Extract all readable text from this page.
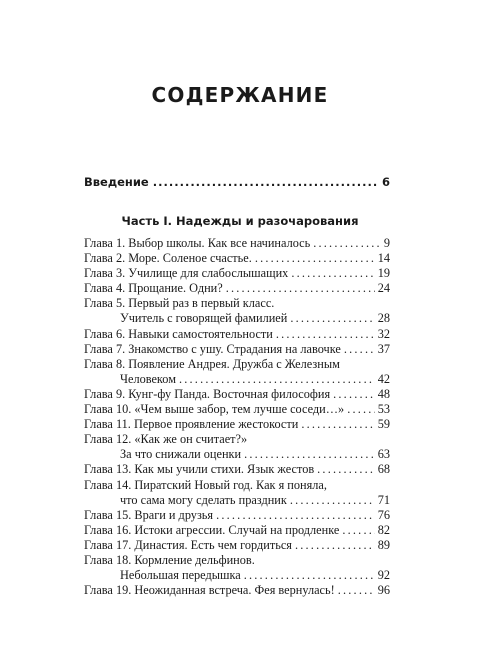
СОДЕРЖАНИЕ
Введение .....	6
Часть I. Надежды и разочарования
Глава 1. Выбор школы. Как все начиналось .....	9
Глава 2. Море. Соленое счастье. .....	14
Глава 3. Училище для слабослышащих .....	19
Глава 4. Прощание. Одни? .....	24
Глава 5. Первый раз в первый класс.
Учитель с говорящей фамилией .....	28
Глава 6. Навыки самостоятельности .....	32
Глава 7. Знакомство с ушу. Страдания на лавочке .....	37
Глава 8. Появление Андрея. Дружба с Железным
Человеком .....	42
Глава 9. Кунг-фу Панда. Восточная философия .....	48
Глава 10. «Чем выше забор, тем лучше соседи…» .....	53
Глава 11. Первое проявление жестокости .....	59
Глава 12. «Как же он считает?»
За что снижали оценки .....	63
Глава 13. Как мы учили стихи. Язык жестов .....	68
Глава 14. Пиратский Новый год. Как я поняла,
что сама могу сделать праздник .....	71
Глава 15. Враги и друзья .....	76
Глава 16. Истоки агрессии. Случай на продленке .....	82
Глава 17. Династия. Есть чем гордиться .....	89
Глава 18. Кормление дельфинов.
Небольшая передышка .....	92
Глава 19. Неожиданная встреча. Фея вернулась! .....	96
